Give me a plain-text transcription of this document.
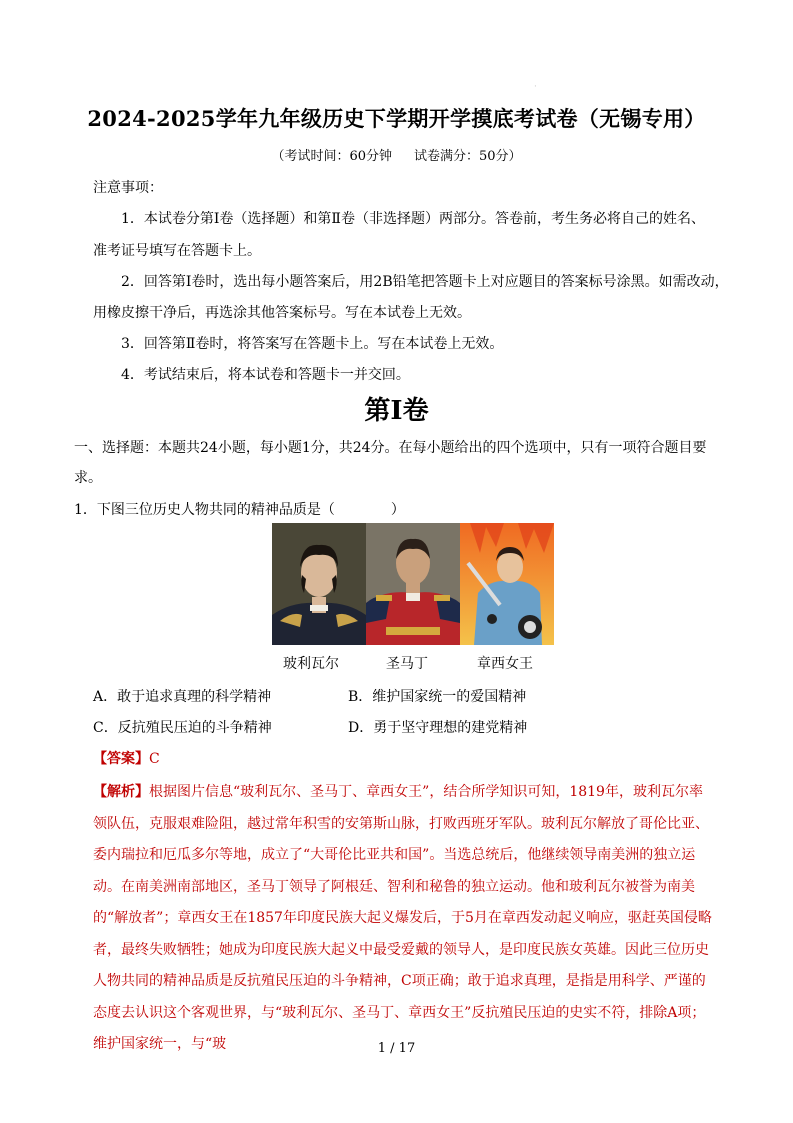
·
2024-2025学年九年级历史下学期开学摸底考试卷（无锡专用）
（考试时间：60分钟 试卷满分：50分）
注意事项：
1．本试卷分第Ⅰ卷（选择题）和第Ⅱ卷（非选择题）两部分。答卷前，考生务必将自己的姓名、
准考证号填写在答题卡上。
2．回答第Ⅰ卷时，选出每小题答案后，用2B铅笔把答题卡上对应题目的答案标号涂黑。如需改动，
用橡皮擦干净后，再选涂其他答案标号。写在本试卷上无效。
3．回答第Ⅱ卷时，将答案写在答题卡上。写在本试卷上无效。
4．考试结束后，将本试卷和答题卡一并交回。
第Ⅰ卷
一、选择题：本题共24小题，每小题1分，共24分。在每小题给出的四个选项中，只有一项符合题目要
求。
1．下图三位历史人物共同的精神品质是（　　　　）
玻利瓦尔	圣马丁	章西女王
A．敢于追求真理的科学精神	B．维护国家统一的爱国精神
C．反抗殖民压迫的斗争精神	D．勇于坚守理想的建党精神
【答案】C
【解析】根据图片信息“玻利瓦尔、圣马丁、章西女王”，结合所学知识可知，1819年，玻利瓦尔率领队伍，克服艰难险阻，越过常年积雪的安第斯山脉，打败西班牙军队。玻利瓦尔解放了哥伦比亚、委内瑞拉和厄瓜多尔等地，成立了“大哥伦比亚共和国”。当选总统后，他继续领导南美洲的独立运动。在南美洲南部地区，圣马丁领导了阿根廷、智利和秘鲁的独立运动。他和玻利瓦尔被誉为南美的“解放者”；章西女王在1857年印度民族大起义爆发后，于5月在章西发动起义响应，驱赶英国侵略者，最终失败牺牲；她成为印度民族大起义中最受爱戴的领导人，是印度民族女英雄。因此三位历史人物共同的精神品质是反抗殖民压迫的斗争精神，C项正确；敢于追求真理，是指是用科学、严谨的态度去认识这个客观世界，与“玻利瓦尔、圣马丁、章西女王”反抗殖民压迫的史实不符，排除A项；维护国家统一，与“玻	1 / 17
